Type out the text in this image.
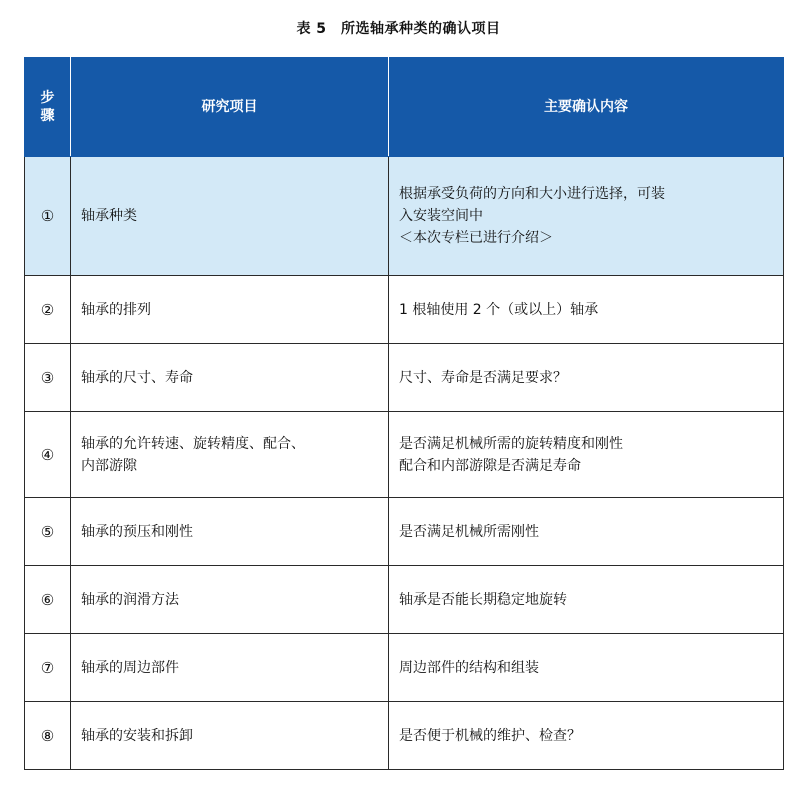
表 5　所选轴承种类的确认项目
步
骤	研究项目	主要确认内容
①	轴承种类	根据承受负荷的方向和大小进行选择，可装
入安装空间中
＜本次专栏已进行介绍＞

②	轴承的排列	1 根轴使用 2 个（或以上）轴承

③	轴承的尺寸、寿命	尺寸、寿命是否满足要求？

④	轴承的允许转速、旋转精度、配合、
内部游隙	是否满足机械所需的旋转精度和刚性
配合和内部游隙是否满足寿命

⑤	轴承的预压和刚性	是否满足机械所需刚性

⑥	轴承的润滑方法	轴承是否能长期稳定地旋转

⑦	轴承的周边部件	周边部件的结构和组装

⑧	轴承的安装和拆卸	是否便于机械的维护、检查？
